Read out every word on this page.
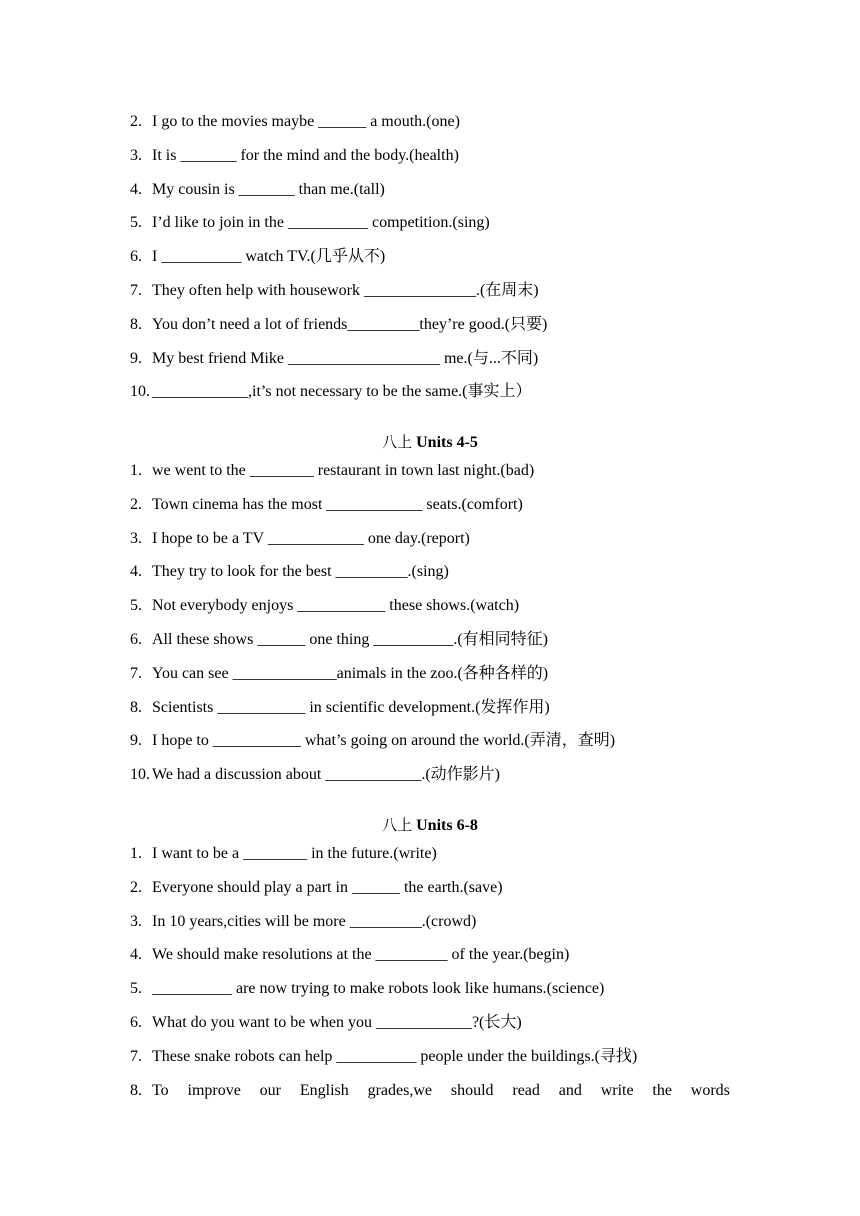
2. I go to the movies maybe ______ a mouth.(one)
3. It is _______ for the mind and the body.(health)
4. My cousin is _______ than me.(tall)
5. I’d like to join in the __________ competition.(sing)
6. I __________ watch TV.(几乎从不)
7. They often help with housework ______________.(在周末)
8. You don’t need a lot of friends_________they’re good.(只要)
9. My best friend Mike ___________________ me.(与...不同)
10. ____________,it’s not necessary to be the same.(事实上）
八上 Units 4-5
1. we went to the ________ restaurant in town last night.(bad)
2. Town cinema has the most ____________ seats.(comfort)
3. I hope to be a TV ____________ one day.(report)
4. They try to look for the best _________.(sing)
5. Not everybody enjoys ___________ these shows.(watch)
6. All these shows ______ one thing __________.(有相同特征)
7. You can see _____________animals in the zoo.(各种各样的)
8. Scientists ___________ in scientific development.(发挥作用)
9. I hope to ___________ what’s going on around the world.(弄清，查明)
10. We had a discussion about ____________.(动作影片)
八上 Units 6-8
1. I want to be a ________ in the future.(write)
2. Everyone should play a part in ______ the earth.(save)
3. In 10 years,cities will be more _________.(crowd)
4. We should make resolutions at the _________ of the year.(begin)
5. __________ are now trying to make robots look like humans.(science)
6. What do you want to be when you ____________?(长大)
7. These snake robots can help __________ people under the buildings.(寻找)
8. To improve our English grades,we should read and write the words
